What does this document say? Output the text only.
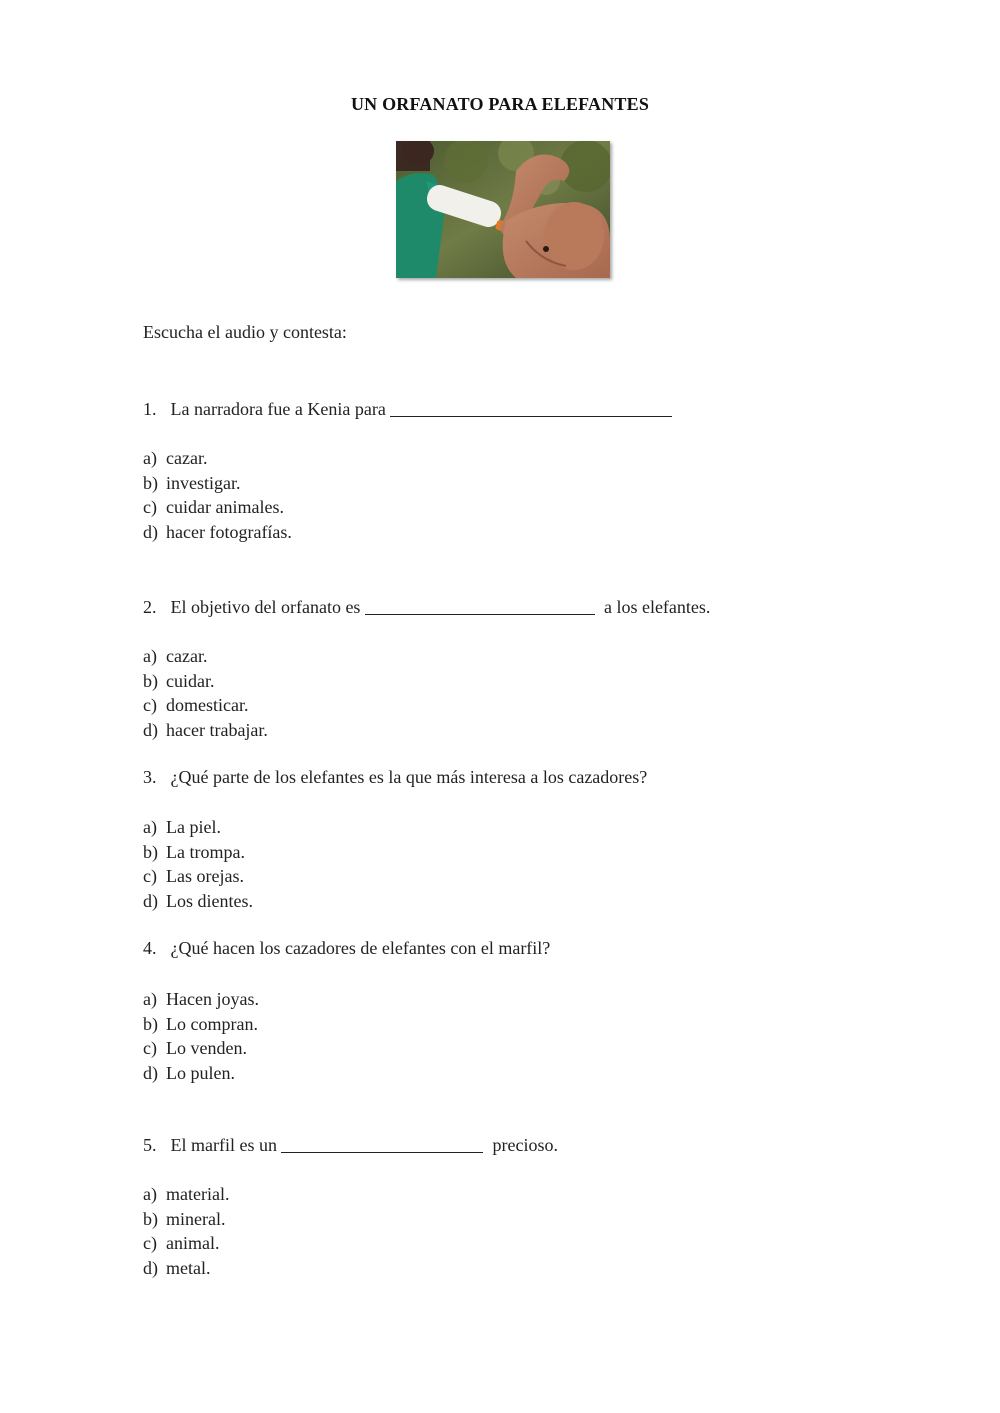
UN ORFANATO PARA ELEFANTES
Escucha el audio y contesta:
1. La narradora fue a Kenia para
a) cazar.
b) investigar.
c) cuidar animales.
d) hacer fotografías.
2. El objetivo del orfanato es	a los elefantes.
a) cazar.
b) cuidar.
c) domesticar.
d) hacer trabajar.
3. ¿Qué parte de los elefantes es la que más interesa a los cazadores?
a) La piel.
b) La trompa.
c) Las orejas.
d) Los dientes.
4. ¿Qué hacen los cazadores de elefantes con el marfil?
a) Hacen joyas.
b) Lo compran.
c) Lo venden.
d) Lo pulen.
5. El marfil es un	precioso.
a) material.
b) mineral.
c) animal.
d) metal.
